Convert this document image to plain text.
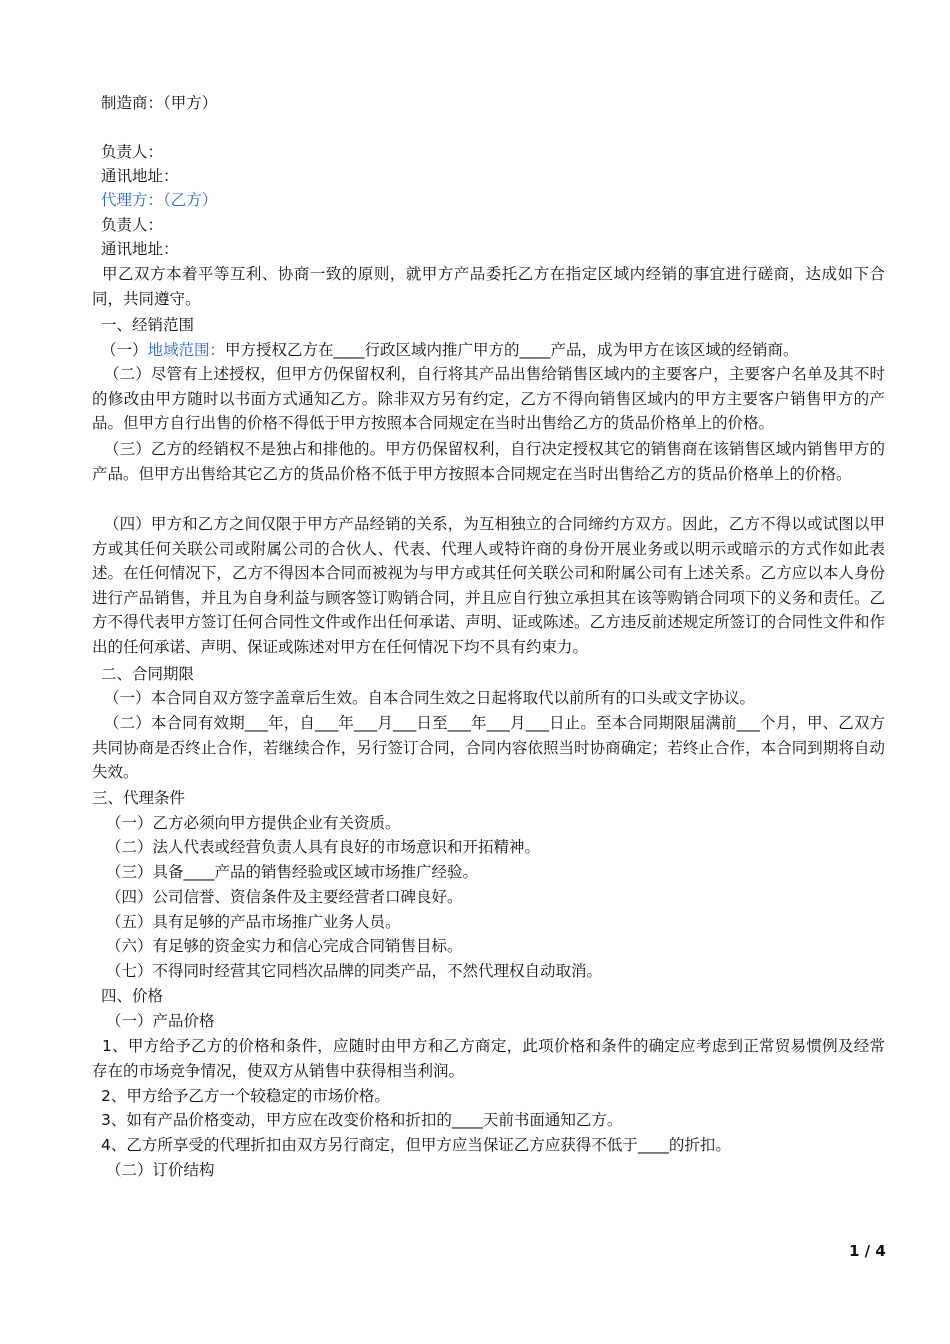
制造商：（甲方）

负责人：

通讯地址：

代理方：（乙方）

负责人：

通讯地址：

甲乙双方本着平等互利、协商一致的原则，就甲方产品委托乙方在指定区域内经销的事宜进行磋商，达成如下合同，共同遵守。

一、经销范围

（一）地域范围：甲方授权乙方在____行政区域内推广甲方的____产品，成为甲方在该区域的经销商。

（二）尽管有上述授权，但甲方仍保留权利，自行将其产品出售给销售区域内的主要客户，主要客户名单及其不时的修改由甲方随时以书面方式通知乙方。除非双方另有约定，乙方不得向销售区域内的甲方主要客户销售甲方的产品。但甲方自行出售的价格不得低于甲方按照本合同规定在当时出售给乙方的货品价格单上的价格。

（三）乙方的经销权不是独占和排他的。甲方仍保留权利，自行决定授权其它的销售商在该销售区域内销售甲方的产品。但甲方出售给其它乙方的货品价格不低于甲方按照本合同规定在当时出售给乙方的货品价格单上的价格。

（四）甲方和乙方之间仅限于甲方产品经销的关系，为互相独立的合同缔约方双方。因此，乙方不得以或试图以甲方或其任何关联公司或附属公司的合伙人、代表、代理人或特许商的身份开展业务或以明示或暗示的方式作如此表述。在任何情况下，乙方不得因本合同而被视为与甲方或其任何关联公司和附属公司有上述关系。乙方应以本人身份进行产品销售，并且为自身利益与顾客签订购销合同，并且应自行独立承担其在该等购销合同项下的义务和责任。乙方不得代表甲方签订任何合同性文件或作出任何承诺、声明、证或陈述。乙方违反前述规定所签订的合同性文件和作出的任何承诺、声明、保证或陈述对甲方在任何情况下均不具有约束力。

二、合同期限

（一）本合同自双方签字盖章后生效。自本合同生效之日起将取代以前所有的口头或文字协议。

（二）本合同有效期___年，自___年___月___日至___年___月___日止。至本合同期限届满前___个月，甲、乙双方共同协商是否终止合作，若继续合作，另行签订合同，合同内容依照当时协商确定；若终止合作，本合同到期将自动失效。

三、代理条件

（一）乙方必须向甲方提供企业有关资质。

（二）法人代表或经营负责人具有良好的市场意识和开拓精神。

（三）具备____产品的销售经验或区域市场推广经验。

（四）公司信誉、资信条件及主要经营者口碑良好。

（五）具有足够的产品市场推广业务人员。

（六）有足够的资金实力和信心完成合同销售目标。

（七）不得同时经营其它同档次品牌的同类产品，不然代理权自动取消。

四、价格

（一）产品价格

1、甲方给予乙方的价格和条件，应随时由甲方和乙方商定，此项价格和条件的确定应考虑到正常贸易惯例及经常存在的市场竞争情况，使双方从销售中获得相当利润。

2、甲方给予乙方一个较稳定的市场价格。

3、如有产品价格变动，甲方应在改变价格和折扣的____天前书面通知乙方。

4、乙方所享受的代理折扣由双方另行商定，但甲方应当保证乙方应获得不低于____的折扣。

（二）订价结构

1 / 4
